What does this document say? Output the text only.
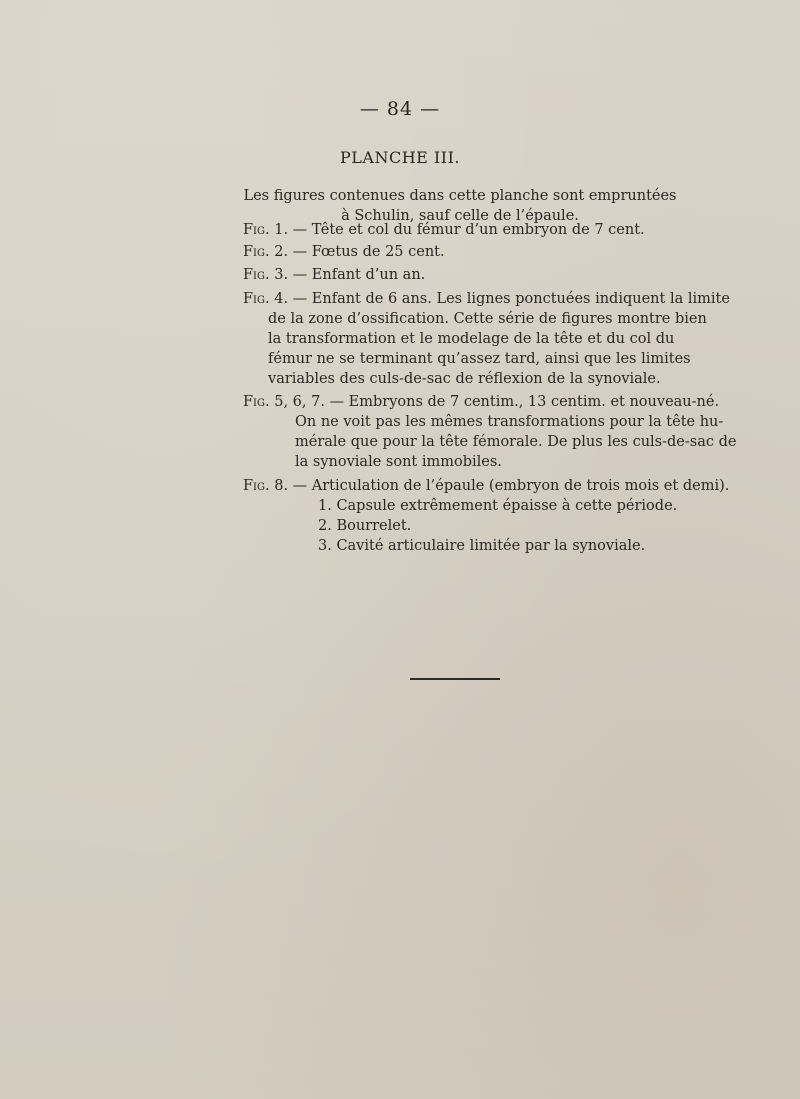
— 84 —
PLANCHE III.
Les figures contenues dans cette planche sont empruntées
à Schulin, sauf celle de l’épaule.
Fig. 1. — Tête et col du fémur d’un embryon de 7 cent.
Fig. 2. — Fœtus de 25 cent.
Fig. 3. — Enfant d’un an.
Fig. 4. — Enfant de 6 ans. Les lignes ponctuées indiquent la limite
de la zone d’ossification. Cette série de figures montre bien
la transformation et le modelage de la tête et du col du
fémur ne se terminant qu’assez tard, ainsi que les limites
variables des culs-de-sac de réflexion de la synoviale.
Fig. 5, 6, 7. — Embryons de 7 centim., 13 centim. et nouveau-né.
On ne voit pas les mêmes transformations pour la tête hu-
mérale que pour la tête fémorale. De plus les culs-de-sac de
la synoviale sont immobiles.
Fig. 8. — Articulation de l’épaule (embryon de trois mois et demi).
1. Capsule extrêmement épaisse à cette période.
2. Bourrelet.
3. Cavité articulaire limitée par la synoviale.
